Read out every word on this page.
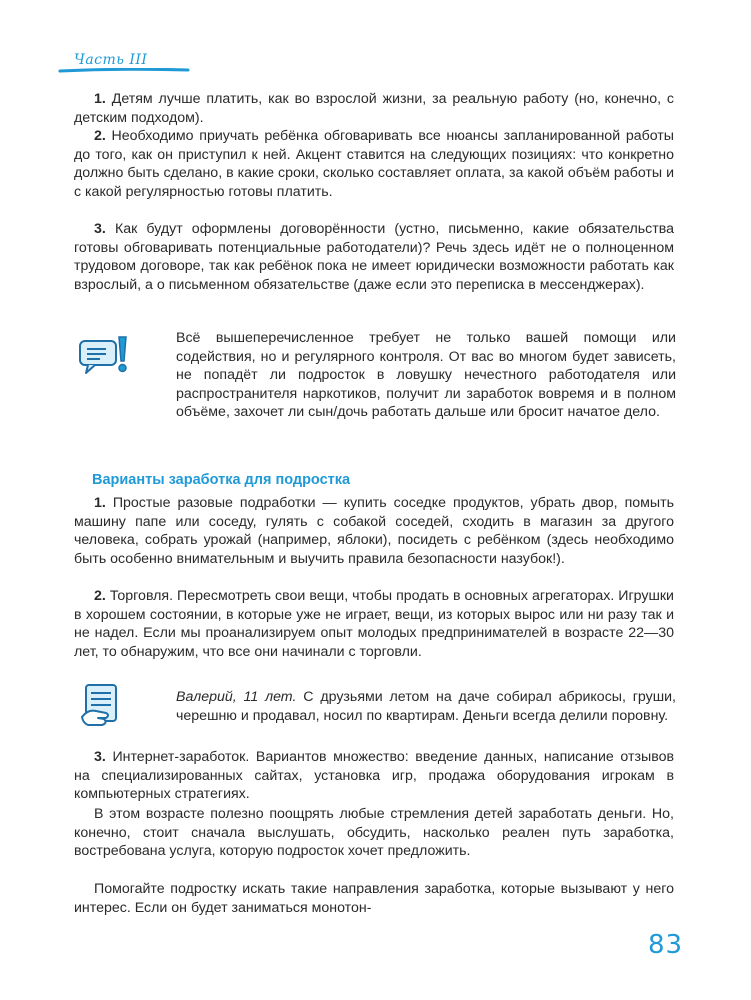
Часть III

1. Детям лучше платить, как во взрослой жизни, за реальную работу (но, конечно, с детским подходом).

2. Необходимо приучать ребёнка обговаривать все нюансы запланированной работы до того, как он приступил к ней. Акцент ставится на следующих позициях: что конкретно должно быть сделано, в какие сроки, сколько составляет оплата, за какой объём работы и с какой регулярностью готовы платить.

3. Как будут оформлены договорённости (устно, письменно, какие обязательства готовы обговаривать потенциальные работодатели)? Речь здесь идёт не о полноценном трудовом договоре, так как ребёнок пока не имеет юридически возможности работать как взрослый, а о письменном обязательстве (даже если это переписка в мессенджерах).

Всё вышеперечисленное требует не только вашей помощи или содействия, но и регулярного контроля. От вас во многом будет зависеть, не попадёт ли подросток в ловушку нечестного работодателя или распространителя наркотиков, получит ли заработок вовремя и в полном объёме, захочет ли сын/дочь работать дальше или бросит начатое дело.

Варианты заработка для подростка

1. Простые разовые подработки — купить соседке продуктов, убрать двор, помыть машину папе или соседу, гулять с собакой соседей, сходить в магазин за другого человека, собрать урожай (например, яблоки), посидеть с ребёнком (здесь необходимо быть особенно внимательным и выучить правила безопасности назубок!).

2. Торговля. Пересмотреть свои вещи, чтобы продать в основных агрегаторах. Игрушки в хорошем состоянии, в которые уже не играет, вещи, из которых вырос или ни разу так и не надел. Если мы проанализируем опыт молодых предпринимателей в возрасте 22—30 лет, то обнаружим, что все они начинали с торговли.

Валерий, 11 лет. С друзьями летом на даче собирал абрикосы, груши, черешню и продавал, носил по квартирам. Деньги всегда делили поровну.

3. Интернет-заработок. Вариантов множество: введение данных, написание отзывов на специализированных сайтах, установка игр, продажа оборудования игрокам в компьютерных стратегиях.

В этом возрасте полезно поощрять любые стремления детей заработать деньги. Но, конечно, стоит сначала выслушать, обсудить, насколько реален путь заработка, востребована услуга, которую подросток хочет предложить.

Помогайте подростку искать такие направления заработка, которые вызывают у него интерес. Если он будет заниматься монотон-

83
